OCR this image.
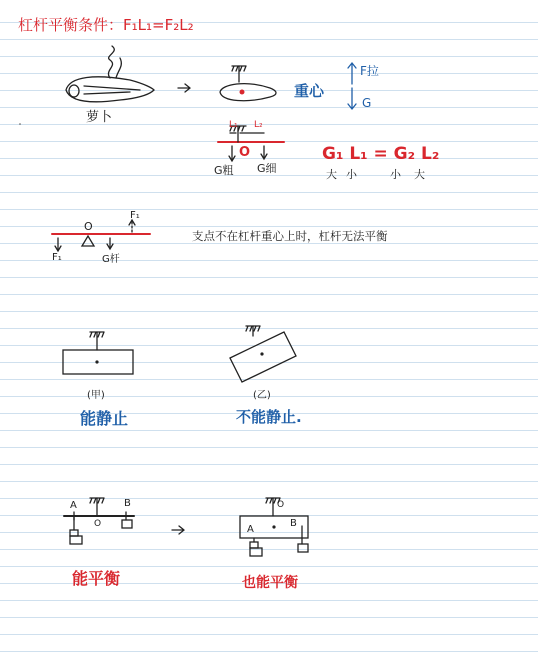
杠杆平衡条件：F₁L₁=F₂L₂
萝卜
重心
F拉
G
L₁ L₂
O
G粗 G细
G₁ L₁ = G₂ L₂
大 小	小 大
O
F₁
F₁	G杆
支点不在杠杆重心上时，杠杆无法平衡
(甲)	(乙)
能静止	不能静止.
A	B
O	A
B
O
能平衡	也能平衡
